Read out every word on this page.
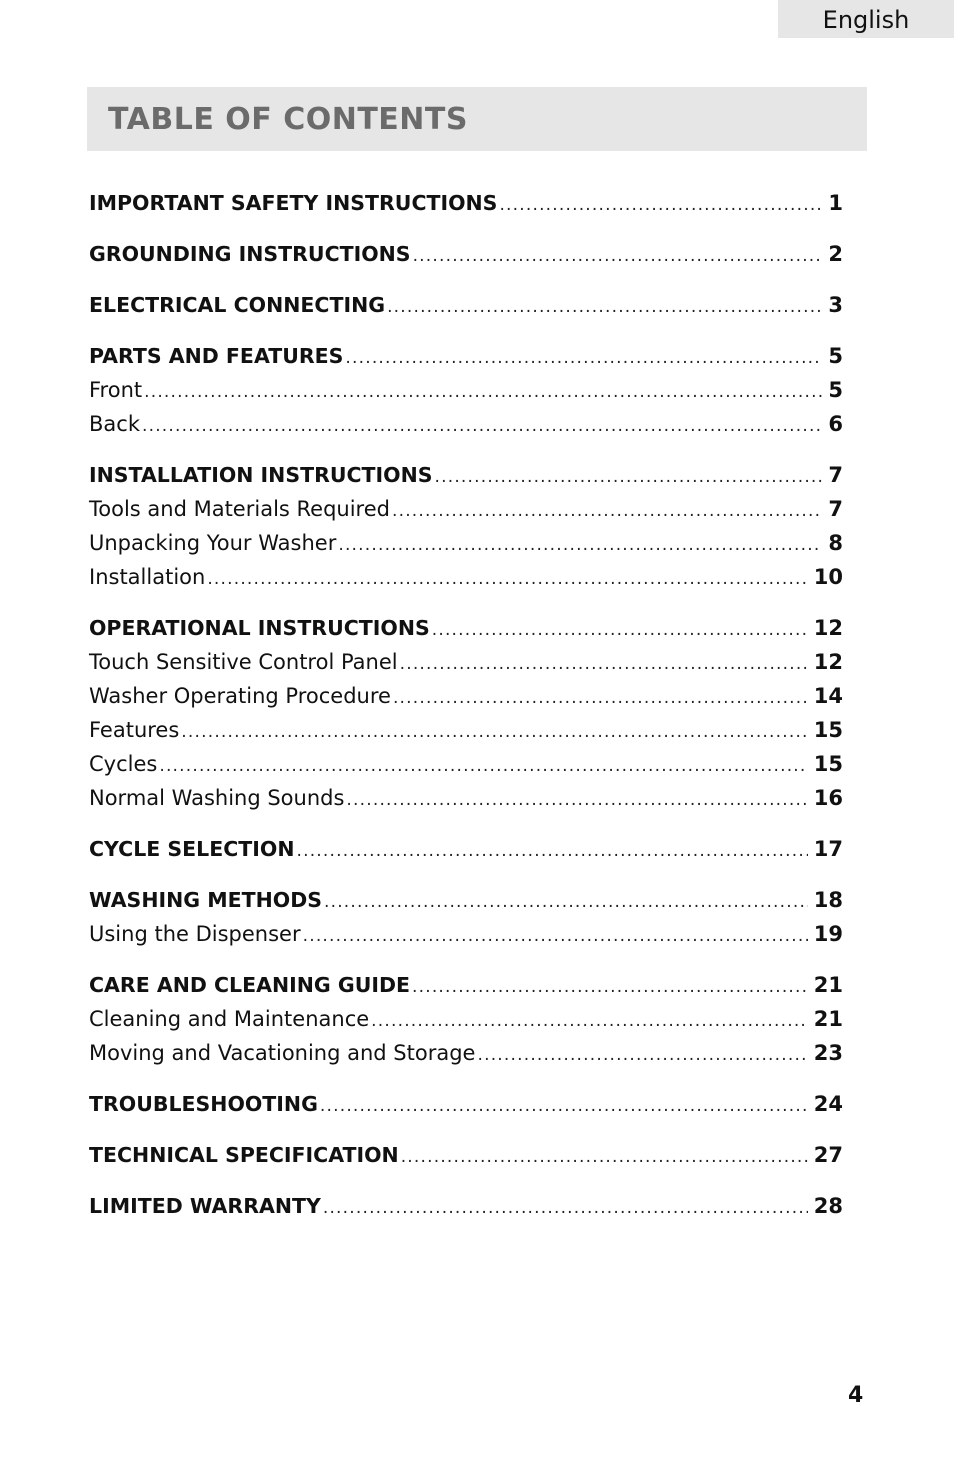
English
TABLE OF CONTENTS
IMPORTANT SAFETY INSTRUCTIONS .....	1
GROUNDING INSTRUCTIONS .....	2
ELECTRICAL CONNECTING .....	3
PARTS AND FEATURES .....	5
Front .....	5
Back .....	6
INSTALLATION INSTRUCTIONS .....	7
Tools and Materials Required .....	7
Unpacking Your Washer .....	8
Installation .....	10
OPERATIONAL INSTRUCTIONS .....	12
Touch Sensitive Control Panel .....	12
Washer Operating Procedure .....	14
Features .....	15
Cycles .....	15
Normal Washing Sounds .....	16
CYCLE SELECTION .....	17
WASHING METHODS .....	18
Using the Dispenser .....	19
CARE AND CLEANING GUIDE .....	21
Cleaning and Maintenance .....	21
Moving and Vacationing and Storage .....	23
TROUBLESHOOTING .....	24
TECHNICAL SPECIFICATION .....	27
LIMITED WARRANTY .....	28
4
